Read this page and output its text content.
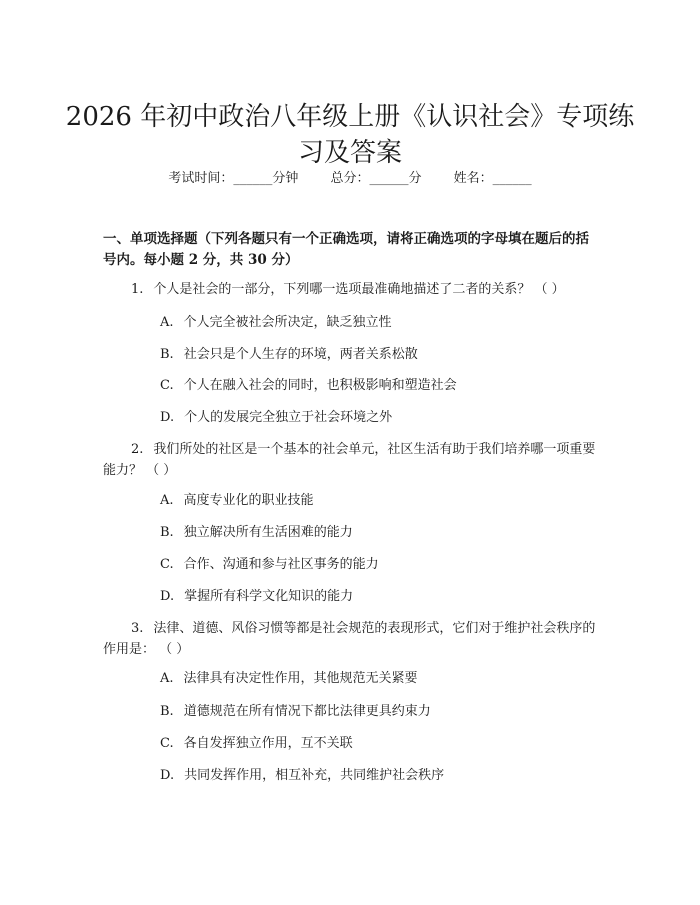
2026 年初中政治八年级上册《认识社会》专项练习及答案
考试时间：______分钟 总分：______分 姓名：______
一、单项选择题（下列各题只有一个正确选项，请将正确选项的字母填在题后的括号内。每小题 2 分，共 30 分）
1. 个人是社会的一部分，下列哪一选项最准确地描述了二者的关系？ （ ）
A. 个人完全被社会所决定，缺乏独立性
B. 社会只是个人生存的环境，两者关系松散
C. 个人在融入社会的同时，也积极影响和塑造社会
D. 个人的发展完全独立于社会环境之外
2. 我们所处的社区是一个基本的社会单元，社区生活有助于我们培养哪一项重要能力？ （ ）
A. 高度专业化的职业技能
B. 独立解决所有生活困难的能力
C. 合作、沟通和参与社区事务的能力
D. 掌握所有科学文化知识的能力
3. 法律、道德、风俗习惯等都是社会规范的表现形式，它们对于维护社会秩序的作用是： （ ）
A. 法律具有决定性作用，其他规范无关紧要
B. 道德规范在所有情况下都比法律更具约束力
C. 各自发挥独立作用，互不关联
D. 共同发挥作用，相互补充，共同维护社会秩序
